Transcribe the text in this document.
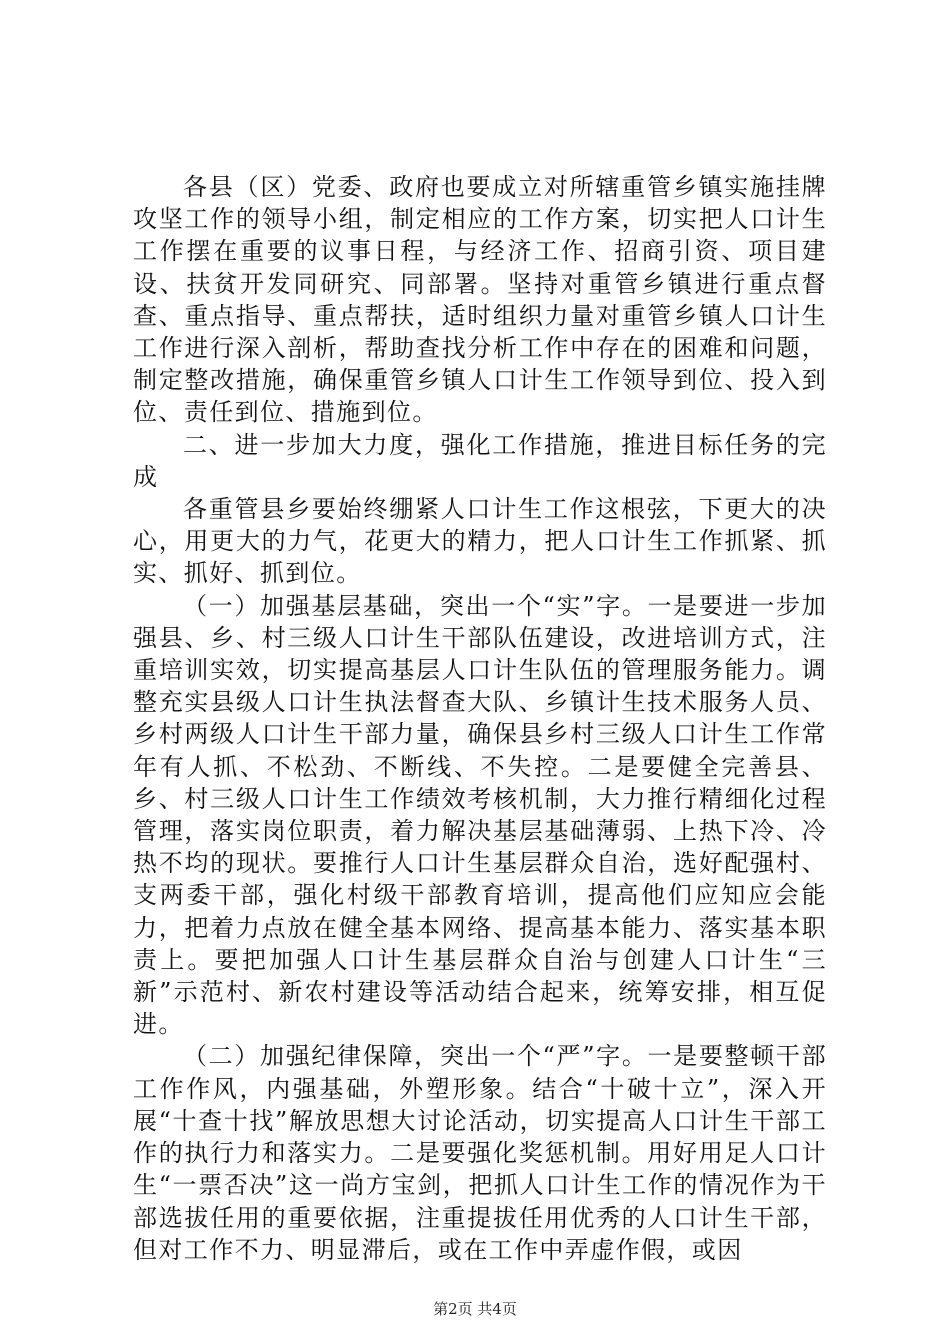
各县（区）党委、政府也要成立对所辖重管乡镇实施挂牌攻坚工作的领导小组，制定相应的工作方案，切实把人口计生工作摆在重要的议事日程，与经济工作、招商引资、项目建设、扶贫开发同研究、同部署。坚持对重管乡镇进行重点督查、重点指导、重点帮扶，适时组织力量对重管乡镇人口计生工作进行深入剖析，帮助查找分析工作中存在的困难和问题，制定整改措施，确保重管乡镇人口计生工作领导到位、投入到位、责任到位、措施到位。

二、进一步加大力度，强化工作措施，推进目标任务的完成

各重管县乡要始终绷紧人口计生工作这根弦，下更大的决心，用更大的力气，花更大的精力，把人口计生工作抓紧、抓实、抓好、抓到位。

（一）加强基层基础，突出一个“实”字。一是要进一步加强县、乡、村三级人口计生干部队伍建设，改进培训方式，注重培训实效，切实提高基层人口计生队伍的管理服务能力。调整充实县级人口计生执法督查大队、乡镇计生技术服务人员、乡村两级人口计生干部力量，确保县乡村三级人口计生工作常年有人抓、不松劲、不断线、不失控。二是要健全完善县、乡、村三级人口计生工作绩效考核机制，大力推行精细化过程管理，落实岗位职责，着力解决基层基础薄弱、上热下冷、冷热不均的现状。要推行人口计生基层群众自治，选好配强村、支两委干部，强化村级干部教育培训，提高他们应知应会能力，把着力点放在健全基本网络、提高基本能力、落实基本职责上。要把加强人口计生基层群众自治与创建人口计生“三新”示范村、新农村建设等活动结合起来，统筹安排，相互促进。

（二）加强纪律保障，突出一个“严”字。一是要整顿干部工作作风，内强基础，外塑形象。结合“十破十立”，深入开展“十查十找”解放思想大讨论活动，切实提高人口计生干部工作的执行力和落实力。二是要强化奖惩机制。用好用足人口计生“一票否决”这一尚方宝剑，把抓人口计生工作的情况作为干部选拔任用的重要依据，注重提拔任用优秀的人口计生干部，但对工作不力、明显滞后，或在工作中弄虚作假，或因

第2页 共4页
